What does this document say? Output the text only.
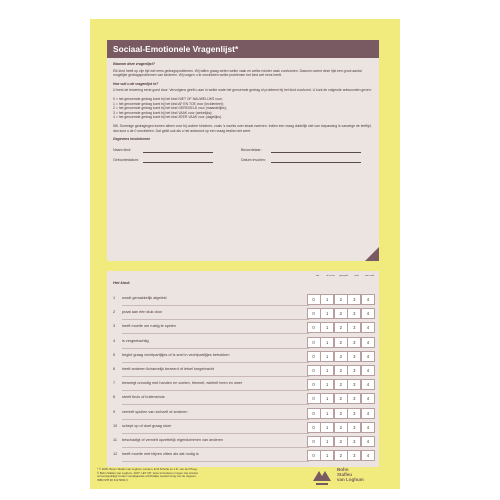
Sociaal-Emotionele Vragenlijst*
Waarom deze vragenlijst?

Elk kind heeft op zijn tijd wel eens gedragsproblemen. Wij willen graag weten welke vaak en welke minder vaak voorkomen. Daarom noemt deze lijst een groot aantal mogelijke gedragsproblemen van kinderen. Wij vragen u te omcirkelen welke problemen het kind wel eens heeft.

Hoe vult u de vragenlijst in?

U leest de bewering eerst goed door. Vervolgens geeft u aan in welke mate het genoemde gedrag of probleem bij het kind voorkomt. U kunt de volgende antwoorden geven:

0 = het genoemde gedrag komt bij het kind NIET OF NAUWELIJKS voor;
1 = het genoemde gedrag komt bij het kind AF EN TOE voor (incidenteel);
2 = het genoemde gedrag komt bij het kind GEREGELD voor (maandelijks);
3 = het genoemde gedrag komt bij het kind VAAK voor (wekelijks);
4 = het genoemde gedrag komt bij het kind ZEER VAAK voor (dagelijks).

NB. Sommige gedragingen komen alleen voor bij oudere kinderen, zoals 's nachts over straat zwerven. Indien een vraag duidelijk niet van toepassing is vanwege de leeftijd, dan kunt u de 0 omcirkelen. Dat geldt ook als u het antwoord op een vraag beslist niet weet.

Gegevens invulstrcene
Naam kind:	Beoordelaar:
Geboortedatum:	Datum invullen:
niet	af en toe	geregeld	vaak	zeer vaak
Het kind:
1	wordt gemakkelijk afgeleid	0	1	2	3	4
2	praat aan één stuk door	0	1	2	3	4
3	heeft moeite om rustig te spelen	0	1	2	3	4
4	is vergeetachtig	0	1	2	3	4
5	begint graag vechtpartijtjes of is snel in vechtpartijtjes betrokken	0	1	2	3	4
6	heeft anderen lichamelijk bezeerd of letsel toegebracht	0	1	2	3	4
7	beweegt onrustig met handen en voeten, friemelt, wiebelt heen en weer	0	1	2	3	4
8	steelt thuis of buitenshuis	0	1	2	3	4
9	vernielt spullen van zichzelf of anderen	0	1	2	3	4
10	schept op of doet graag stoer	0	1	2	3	4
11	beschadigt of vernielt opzettelijk eigendommen van anderen	0	1	2	3	4
12	heeft moeite met blijven zitten als dat nodig is	0	1	2	3	4
* © 2005, Boom Stefan van Loghum, Houten, E.M.Scholte en J.D. van der Ploeg.
© Bohn Stafleu van Loghum, 2007. LET OP: deze formulieren mogen niet worden
vermenigvuldigd zonder voorafgaande schriftelijke toestemming van de uitgever.
ISBN 978 90 313 5090 3
Bohn
Stafleu
van Loghum
